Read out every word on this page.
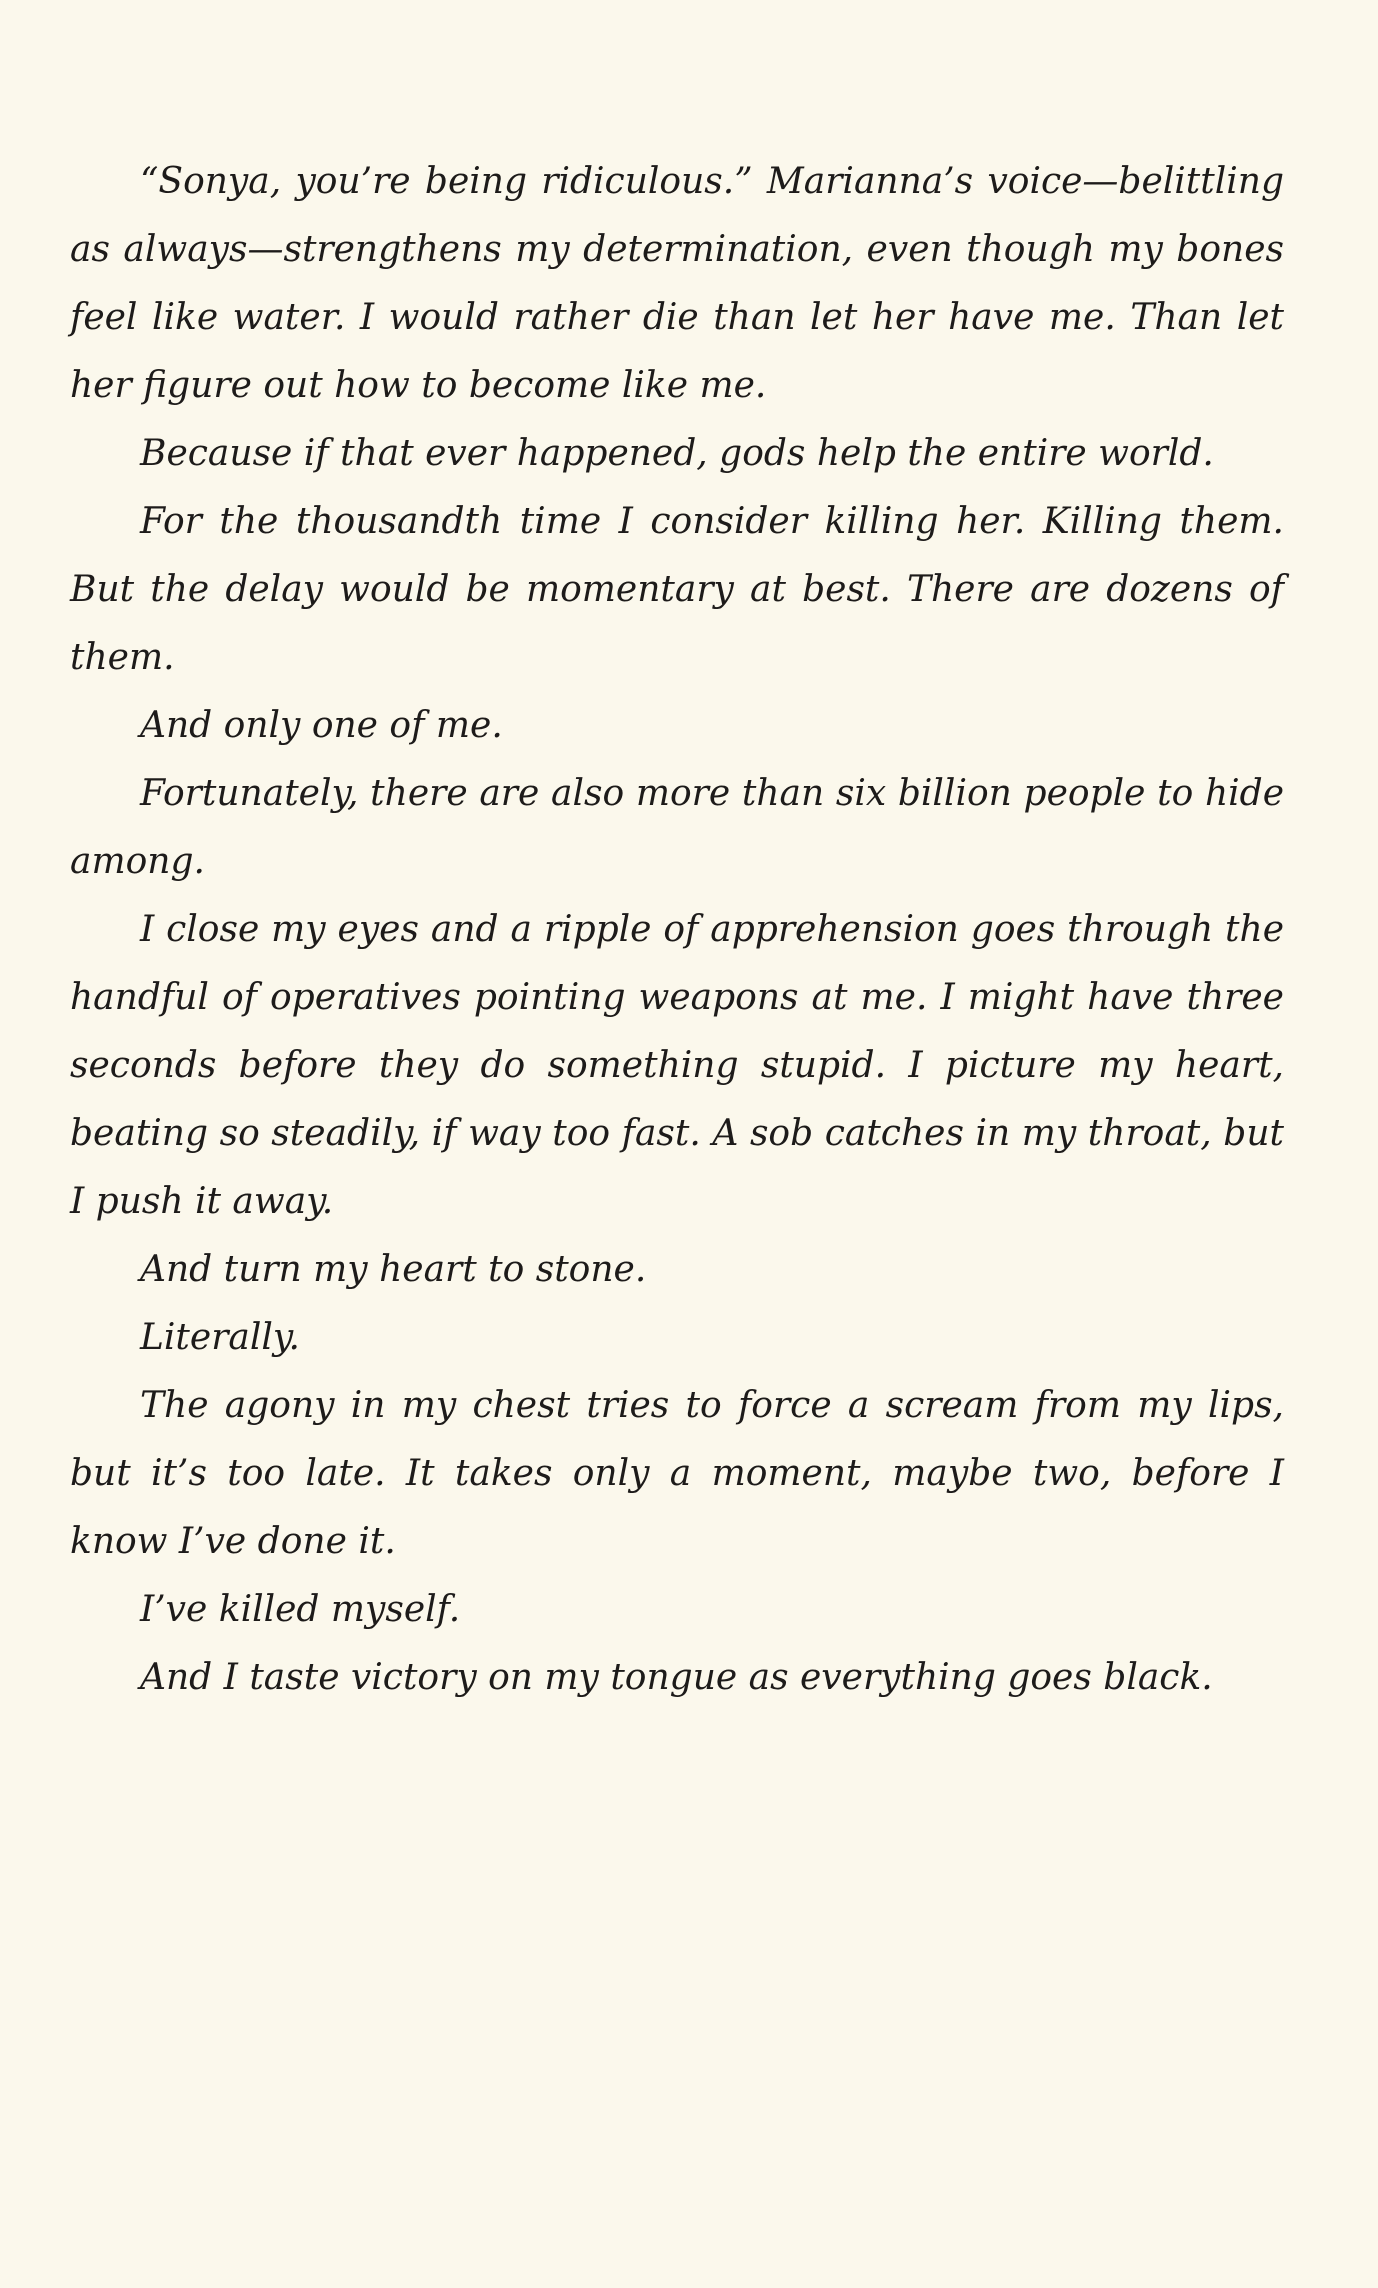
“Sonya, you’re being ridiculous.” Marianna’s voice—belittling as always—strengthens my determination, even though my bones feel like water. I would rather die than let her have me. Than let her figure out how to become like me.

Because if that ever happened, gods help the entire world.

For the thousandth time I consider killing her. Killing them. But the delay would be momentary at best. There are dozens of them.

And only one of me.

Fortunately, there are also more than six billion people to hide among.

I close my eyes and a ripple of apprehension goes through the handful of operatives pointing weapons at me. I might have three seconds before they do something stupid. I picture my heart, beating so steadily, if way too fast. A sob catches in my throat, but I push it away.

And turn my heart to stone.

Literally.

The agony in my chest tries to force a scream from my lips, but it’s too late. It takes only a moment, maybe two, before I know I’ve done it.

I’ve killed myself.

And I taste victory on my tongue as everything goes black.
